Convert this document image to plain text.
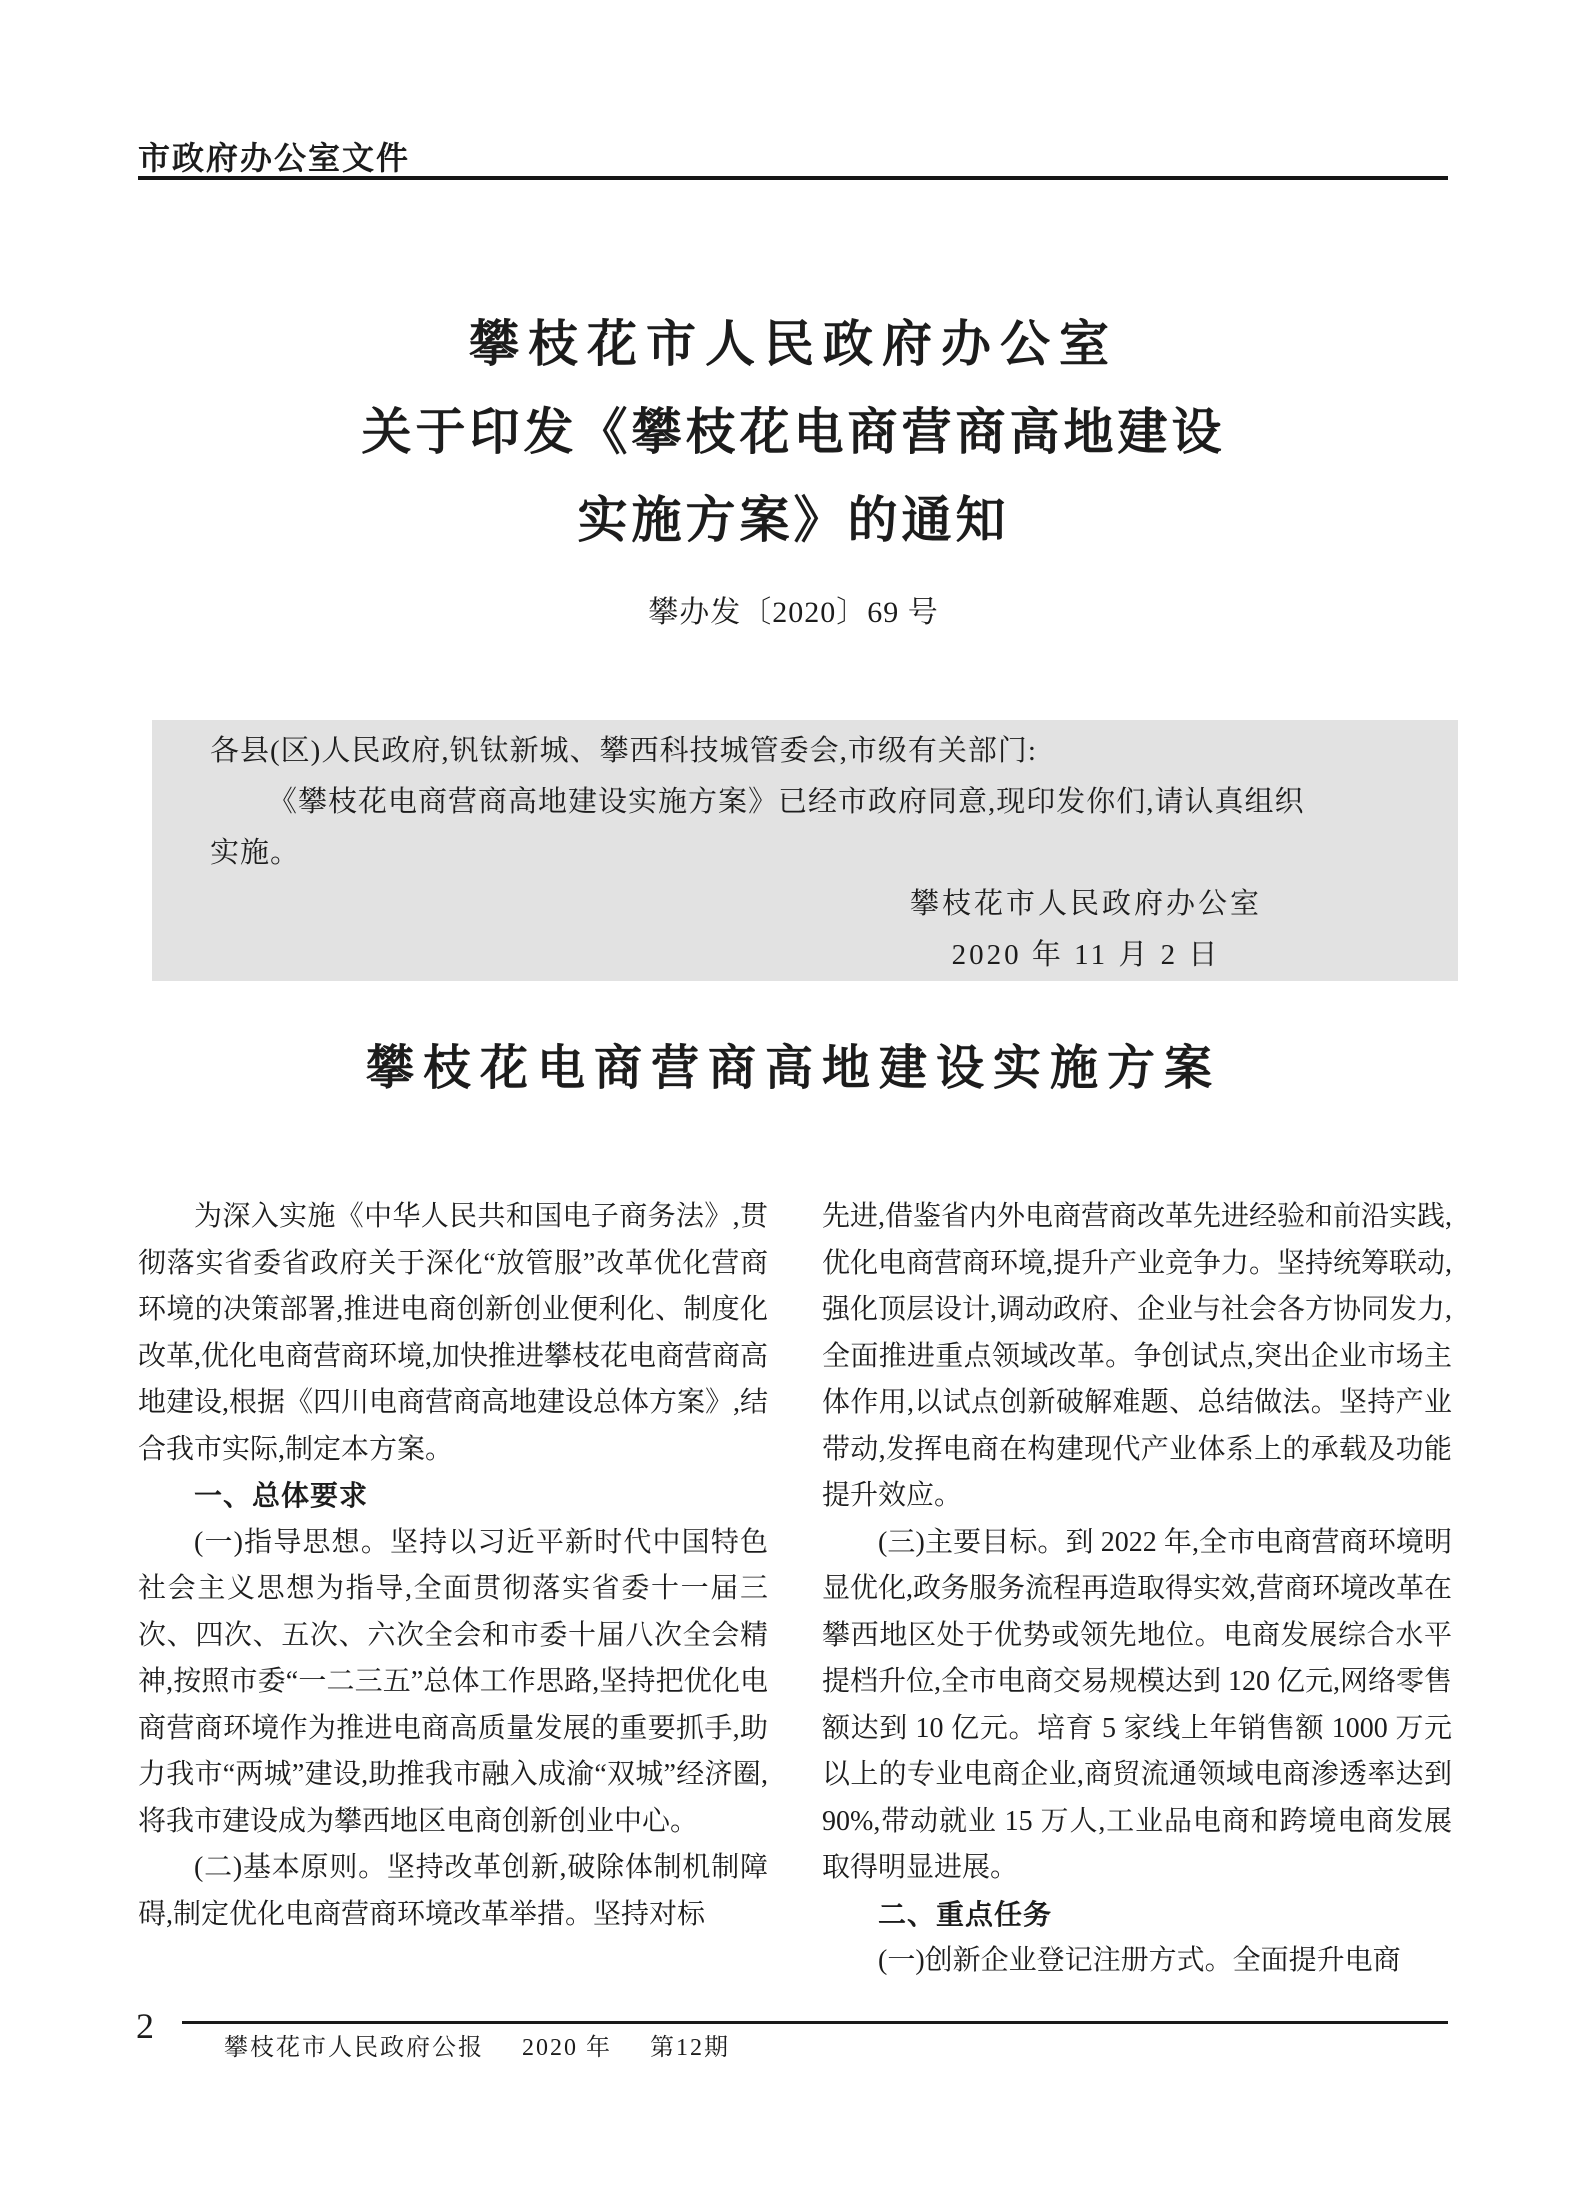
市政府办公室文件
攀枝花市人民政府办公室
关于印发《攀枝花电商营商高地建设
实施方案》的通知
攀办发〔2020〕69 号
各县(区)人民政府,钒钛新城、攀西科技城管委会,市级有关部门:
《攀枝花电商营商高地建设实施方案》已经市政府同意,现印发你们,请认真组织
实施。
攀枝花市人民政府办公室
2020 年 11 月 2 日
攀枝花电商营商高地建设实施方案

为深入实施《中华人民共和国电子商务法》,贯彻落实省委省政府关于深化“放管服”改革优化营商环境的决策部署,推进电商创新创业便利化、制度化改革,优化电商营商环境,加快推进攀枝花电商营商高地建设,根据《四川电商营商高地建设总体方案》,结合我市实际,制定本方案。

一、总体要求

(一)指导思想。坚持以习近平新时代中国特色社会主义思想为指导,全面贯彻落实省委十一届三次、四次、五次、六次全会和市委十届八次全会精神,按照市委“一二三五”总体工作思路,坚持把优化电商营商环境作为推进电商高质量发展的重要抓手,助力我市“两城”建设,助推我市融入成渝“双城”经济圈,将我市建设成为攀西地区电商创新创业中心。

(二)基本原则。坚持改革创新,破除体制机制障碍,制定优化电商营商环境改革举措。坚持对标

先进,借鉴省内外电商营商改革先进经验和前沿实践,优化电商营商环境,提升产业竞争力。坚持统筹联动,强化顶层设计,调动政府、企业与社会各方协同发力,全面推进重点领域改革。争创试点,突出企业市场主体作用,以试点创新破解难题、总结做法。坚持产业带动,发挥电商在构建现代产业体系上的承载及功能提升效应。

(三)主要目标。到 2022 年,全市电商营商环境明显优化,政务服务流程再造取得实效,营商环境改革在攀西地区处于优势或领先地位。电商发展综合水平提档升位,全市电商交易规模达到 120 亿元,网络零售额达到 10 亿元。培育 5 家线上年销售额 1000 万元以上的专业电商企业,商贸流通领域电商渗透率达到 90%,带动就业 15 万人,工业品电商和跨境电商发展取得明显进展。

二、重点任务

(一)创新企业登记注册方式。全面提升电商

2
攀枝花市人民政府公报 2020 年 第12期
